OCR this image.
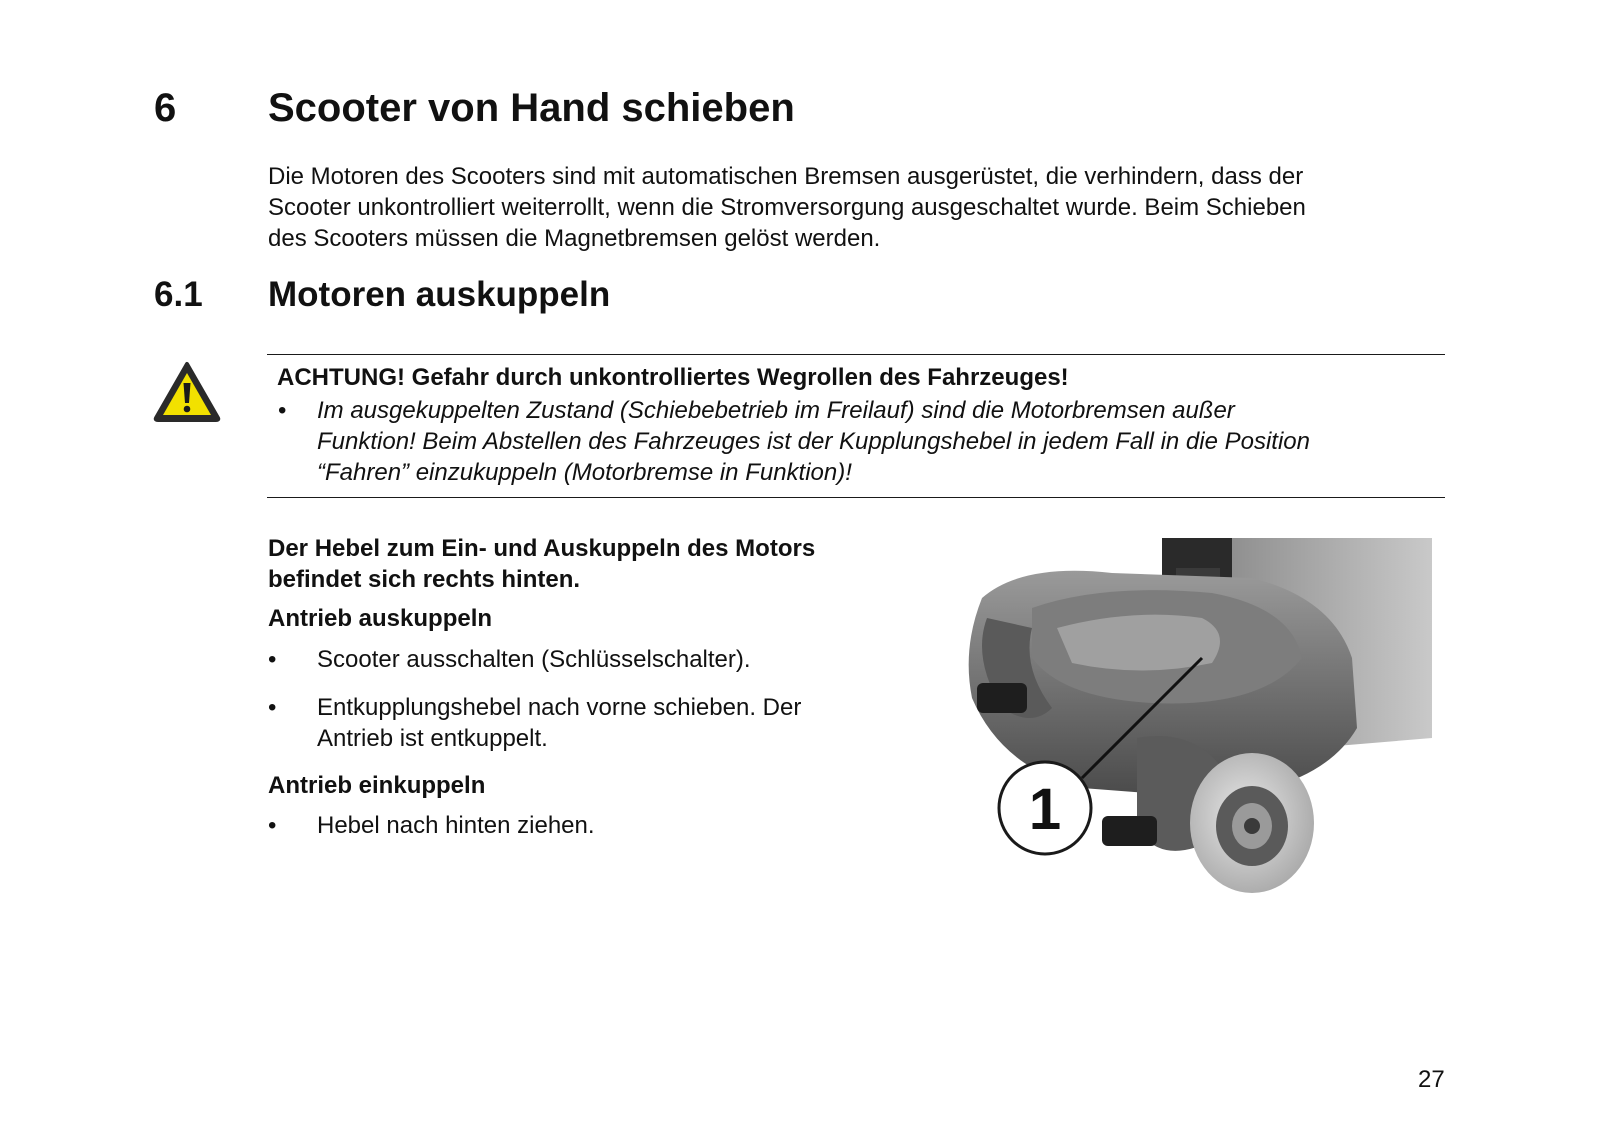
6 Scooter von Hand schieben
Die Motoren des Scooters sind mit automatischen Bremsen ausgerüstet, die verhindern, dass der
Scooter unkontrolliert weiterrollt, wenn die Stromversorgung ausgeschaltet wurde. Beim Schieben
des Scooters müssen die Magnetbremsen gelöst werden.
6.1 Motoren auskuppeln
ACHTUNG! Gefahr durch unkontrolliertes Wegrollen des Fahrzeuges!
• Im ausgekuppelten Zustand (Schiebebetrieb im Freilauf) sind die Motorbremsen außer
Funktion! Beim Abstellen des Fahrzeuges ist der Kupplungshebel in jedem Fall in die Position
“Fahren” einzukuppeln (Motorbremse in Funktion)!
Der Hebel zum Ein- und Auskuppeln des Motors
befindet sich rechts hinten.
Antrieb auskuppeln
• Scooter ausschalten (Schlüsselschalter).
• Entkupplungshebel nach vorne schieben. Der
Antrieb ist entkuppelt.
Antrieb einkuppeln
• Hebel nach hinten ziehen.	1
27
